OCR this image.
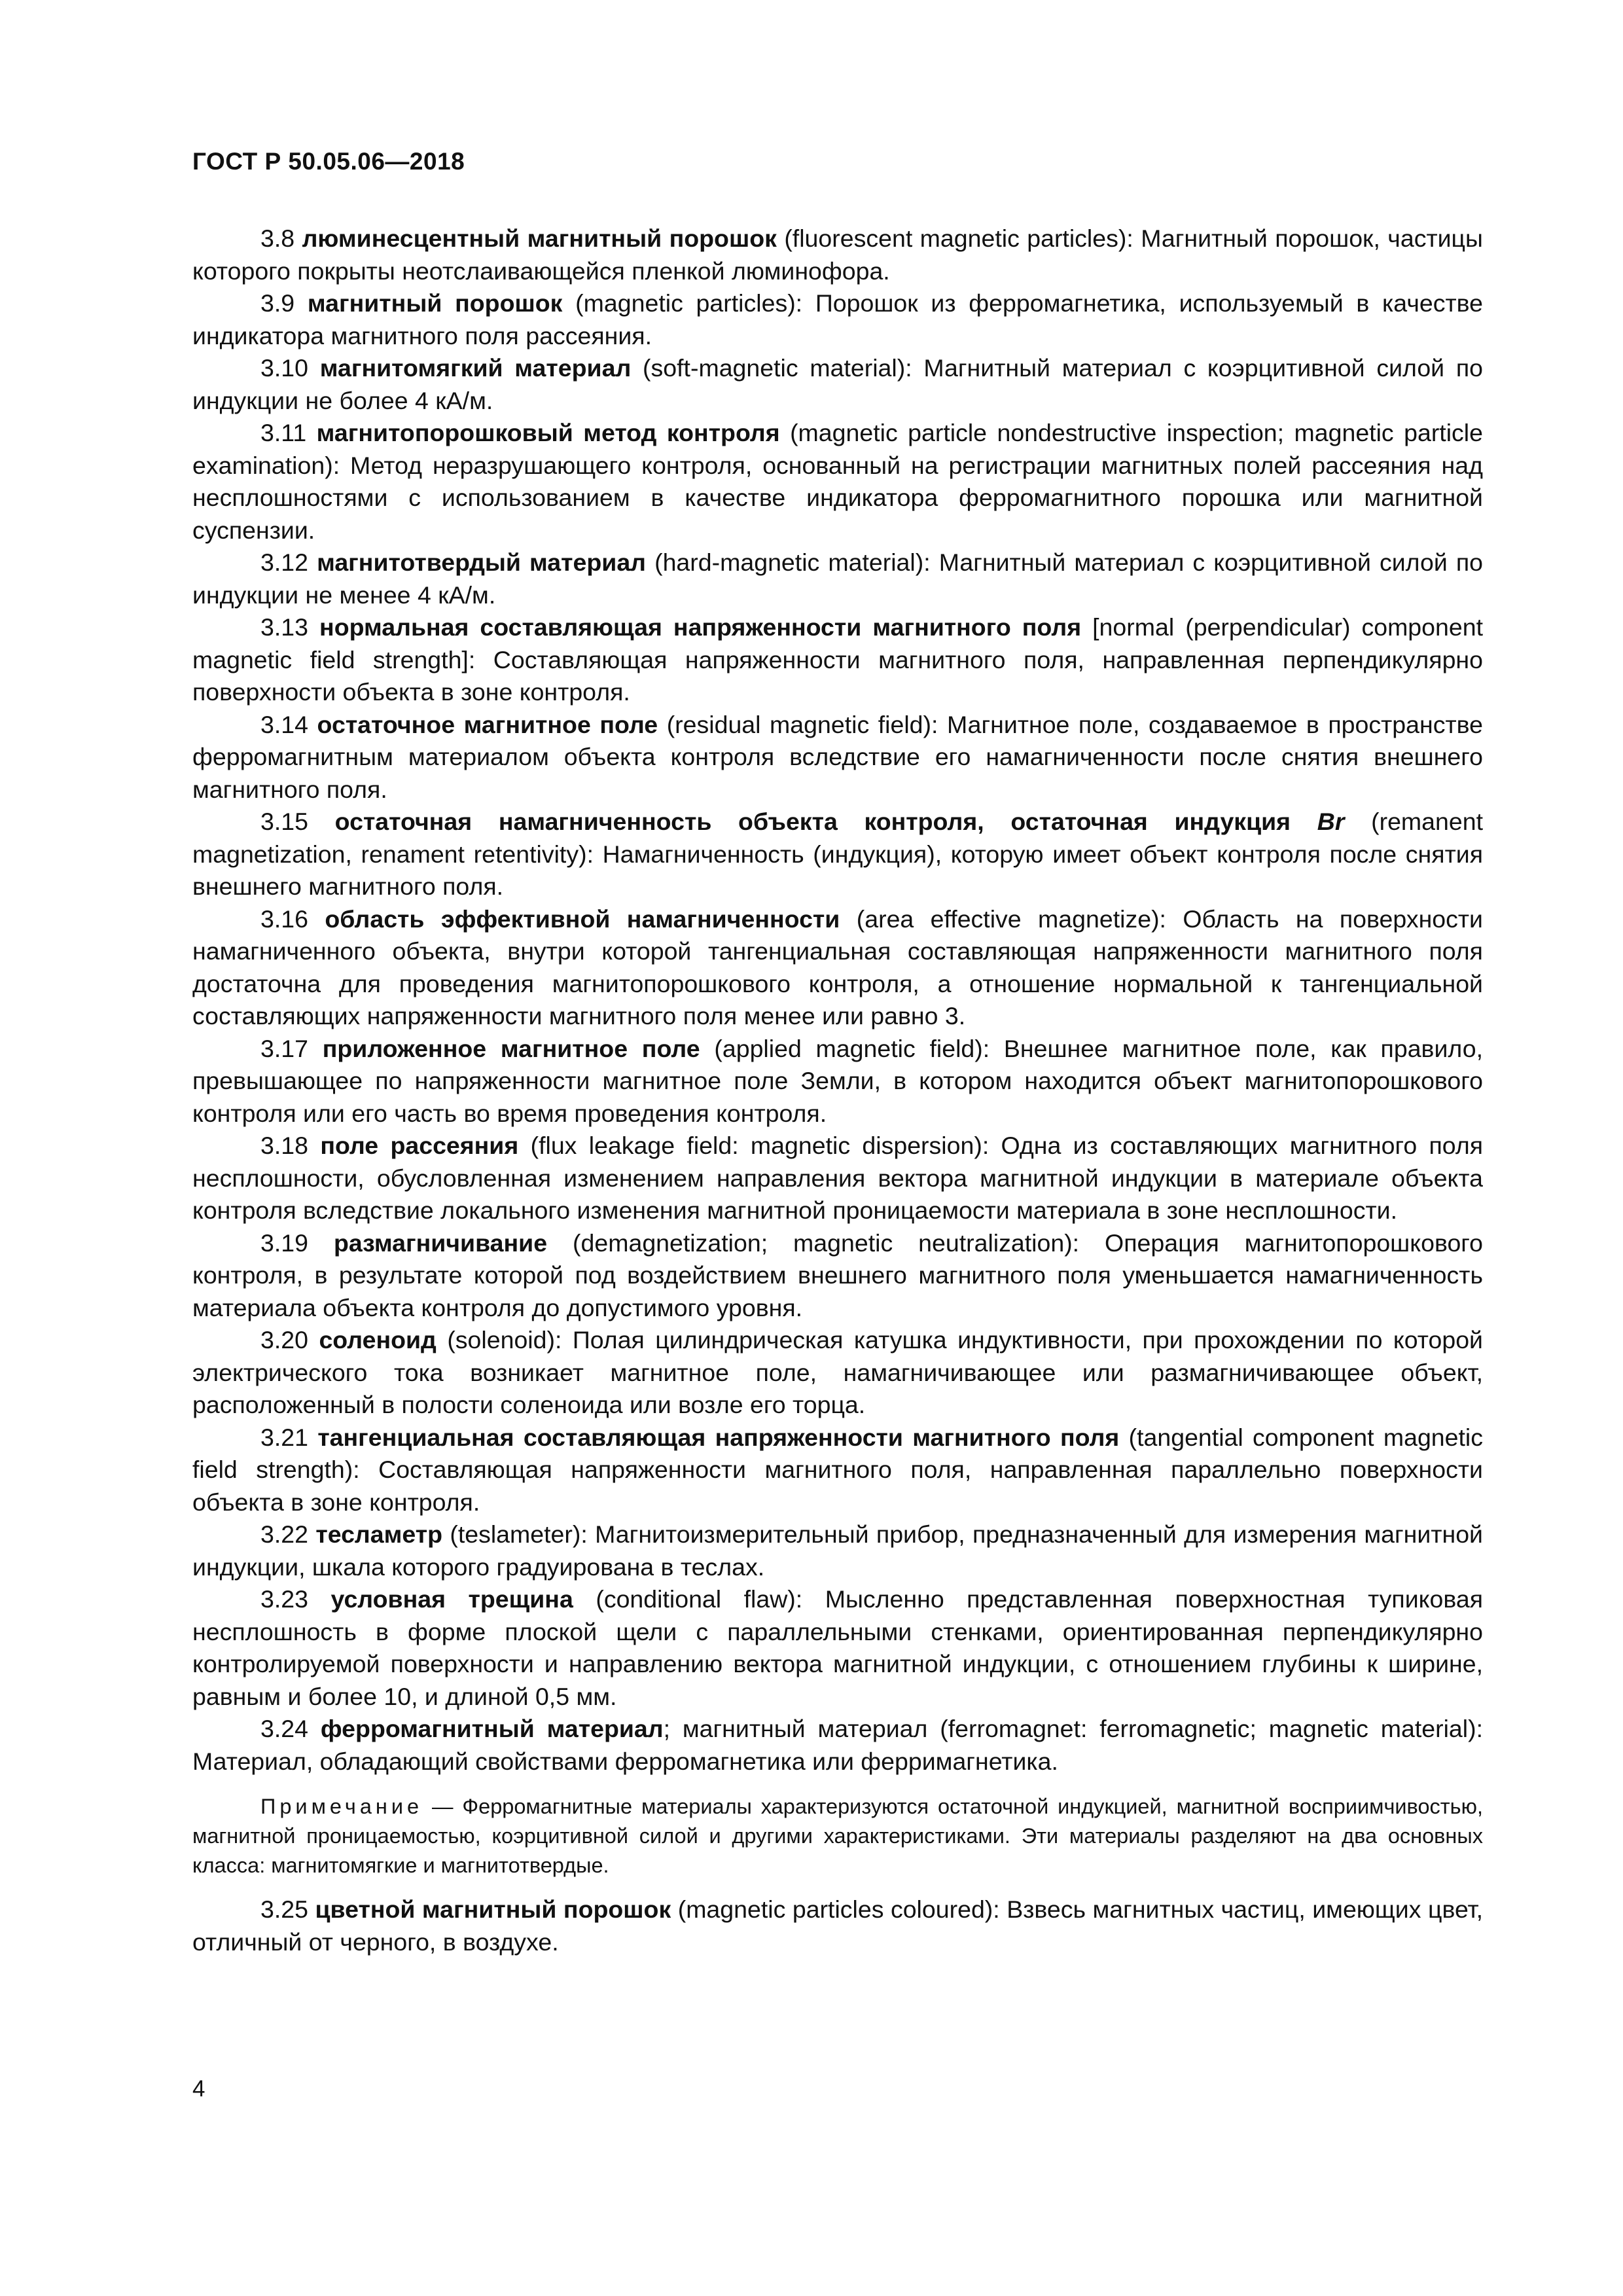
ГОСТ Р 50.05.06—2018

3.8 люминесцентный магнитный порошок (fluorescent magnetic particles): Магнитный порошок, частицы которого покрыты неотслаивающейся пленкой люминофора.

3.9 магнитный порошок (magnetic particles): Порошок из ферромагнетика, используемый в качестве индикатора магнитного поля рассеяния.

3.10 магнитомягкий материал (soft-magnetic material): Магнитный материал с коэрцитивной силой по индукции не более 4 кА/м.

3.11 магнитопорошковый метод контроля (magnetic particle nondestructive inspection; magnetic particle examination): Метод неразрушающего контроля, основанный на регистрации магнитных полей рассеяния над несплошностями с использованием в качестве индикатора ферромагнитного порошка или магнитной суспензии.

3.12 магнитотвердый материал (hard-magnetic material): Магнитный материал с коэрцитивной силой по индукции не менее 4 кА/м.

3.13 нормальная составляющая напряженности магнитного поля [normal (perpendicular) component magnetic field strength]: Составляющая напряженности магнитного поля, направленная перпендикулярно поверхности объекта в зоне контроля.

3.14 остаточное магнитное поле (residual magnetic field): Магнитное поле, создаваемое в пространстве ферромагнитным материалом объекта контроля вследствие его намагниченности после снятия внешнего магнитного поля.

3.15 остаточная намагниченность объекта контроля, остаточная индукция Br (remanent magnetization, renament retentivity): Намагниченность (индукция), которую имеет объект контроля после снятия внешнего магнитного поля.

3.16 область эффективной намагниченности (area effective magnetize): Область на поверхности намагниченного объекта, внутри которой тангенциальная составляющая напряженности магнитного поля достаточна для проведения магнитопорошкового контроля, а отношение нормальной к тангенциальной составляющих напряженности магнитного поля менее или равно 3.

3.17 приложенное магнитное поле (applied magnetic field): Внешнее магнитное поле, как правило, превышающее по напряженности магнитное поле Земли, в котором находится объект магнитопорошкового контроля или его часть во время проведения контроля.

3.18 поле рассеяния (flux leakage field: magnetic dispersion): Одна из составляющих магнитного поля несплошности, обусловленная изменением направления вектора магнитной индукции в материале объекта контроля вследствие локального изменения магнитной проницаемости материала в зоне несплошности.

3.19 размагничивание (demagnetization; magnetic neutralization): Операция магнитопорошкового контроля, в результате которой под воздействием внешнего магнитного поля уменьшается намагниченность материала объекта контроля до допустимого уровня.

3.20 соленоид (solenoid): Полая цилиндрическая катушка индуктивности, при прохождении по которой электрического тока возникает магнитное поле, намагничивающее или размагничивающее объект, расположенный в полости соленоида или возле его торца.

3.21 тангенциальная составляющая напряженности магнитного поля (tangential component magnetic field strength): Составляющая напряженности магнитного поля, направленная параллельно поверхности объекта в зоне контроля.

3.22 тесламетр (teslameter): Магнитоизмерительный прибор, предназначенный для измерения магнитной индукции, шкала которого градуирована в теслах.

3.23 условная трещина (conditional flaw): Мысленно представленная поверхностная тупиковая несплошность в форме плоской щели с параллельными стенками, ориентированная перпендикулярно контролируемой поверхности и направлению вектора магнитной индукции, с отношением глубины к ширине, равным и более 10, и длиной 0,5 мм.

3.24 ферромагнитный материал; магнитный материал (ferromagnet: ferromagnetic; magnetic material): Материал, обладающий свойствами ферромагнетика или ферримагнетика.

Примечание — Ферромагнитные материалы характеризуются остаточной индукцией, магнитной восприимчивостью, магнитной проницаемостью, коэрцитивной силой и другими характеристиками. Эти материалы разделяют на два основных класса: магнитомягкие и магнитотвердые.

3.25 цветной магнитный порошок (magnetic particles coloured): Взвесь магнитных частиц, имеющих цвет, отличный от черного, в воздухе.

4
